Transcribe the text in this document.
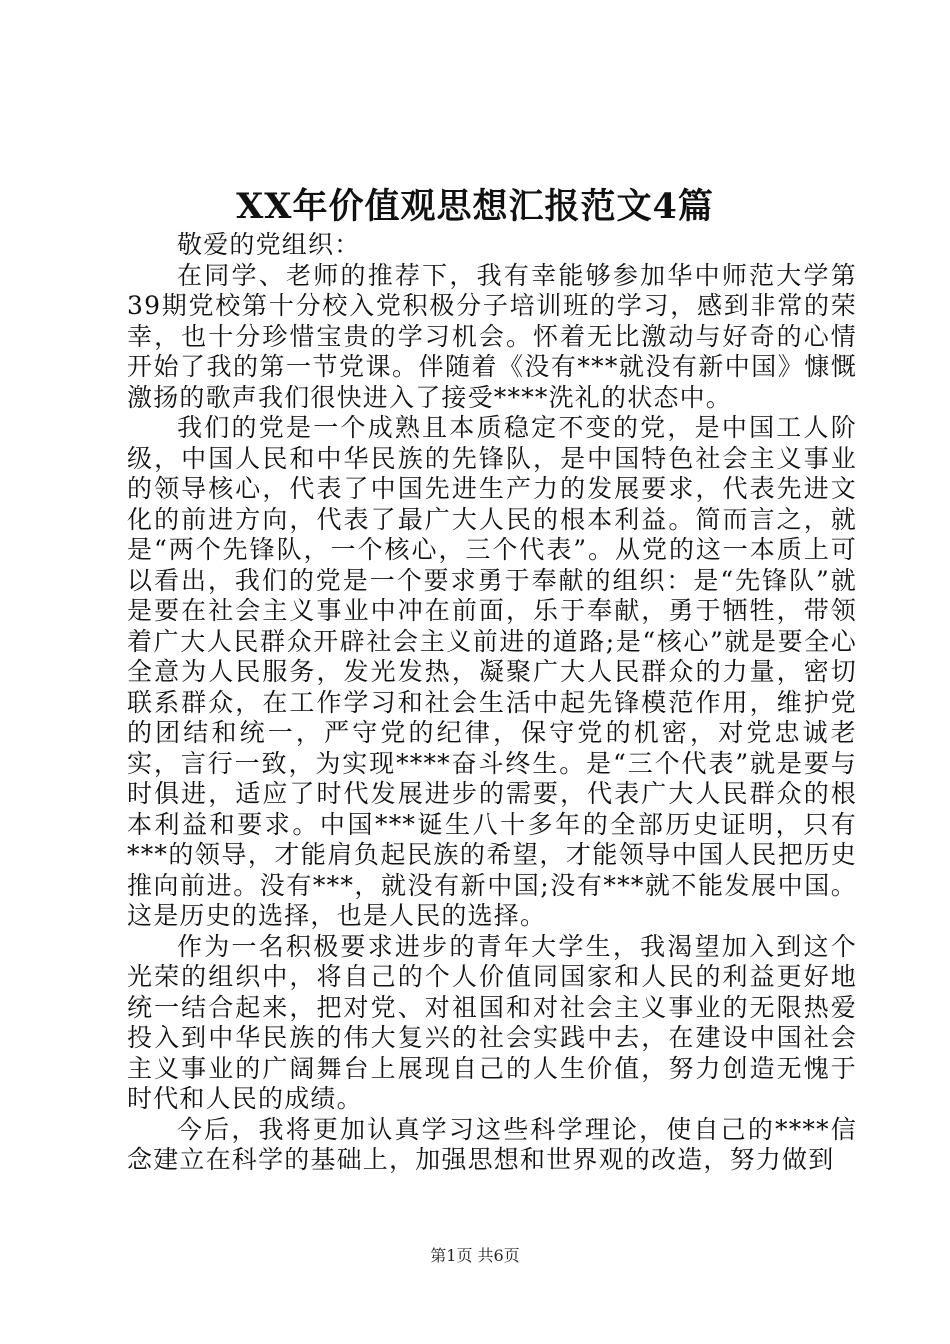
XX年价值观思想汇报范文4篇

敬爱的党组织：

在同学、老师的推荐下，我有幸能够参加华中师范大学第39期党校第十分校入党积极分子培训班的学习，感到非常的荣幸，也十分珍惜宝贵的学习机会。怀着无比激动与好奇的心情开始了我的第一节党课。伴随着《没有***就没有新中国》慷慨激扬的歌声我们很快进入了接受****洗礼的状态中。

我们的党是一个成熟且本质稳定不变的党，是中国工人阶级，中国人民和中华民族的先锋队，是中国特色社会主义事业的领导核心，代表了中国先进生产力的发展要求，代表先进文化的前进方向，代表了最广大人民的根本利益。简而言之，就是“两个先锋队，一个核心，三个代表”。从党的这一本质上可以看出，我们的党是一个要求勇于奉献的组织：是“先锋队”就是要在社会主义事业中冲在前面，乐于奉献，勇于牺牲，带领着广大人民群众开辟社会主义前进的道路;是“核心”就是要全心全意为人民服务，发光发热，凝聚广大人民群众的力量，密切联系群众，在工作学习和社会生活中起先锋模范作用，维护党的团结和统一，严守党的纪律，保守党的机密，对党忠诚老实，言行一致，为实现****奋斗终生。是“三个代表”就是要与时俱进，适应了时代发展进步的需要，代表广大人民群众的根本利益和要求。中国***诞生八十多年的全部历史证明，只有***的领导，才能肩负起民族的希望，才能领导中国人民把历史推向前进。没有***，就没有新中国;没有***就不能发展中国。这是历史的选择，也是人民的选择。

作为一名积极要求进步的青年大学生，我渴望加入到这个光荣的组织中，将自己的个人价值同国家和人民的利益更好地统一结合起来，把对党、对祖国和对社会主义事业的无限热爱投入到中华民族的伟大复兴的社会实践中去，在建设中国社会主义事业的广阔舞台上展现自己的人生价值，努力创造无愧于时代和人民的成绩。

今后，我将更加认真学习这些科学理论，使自己的****信念建立在科学的基础上，加强思想和世界观的改造，努力做到

第1页 共6页
